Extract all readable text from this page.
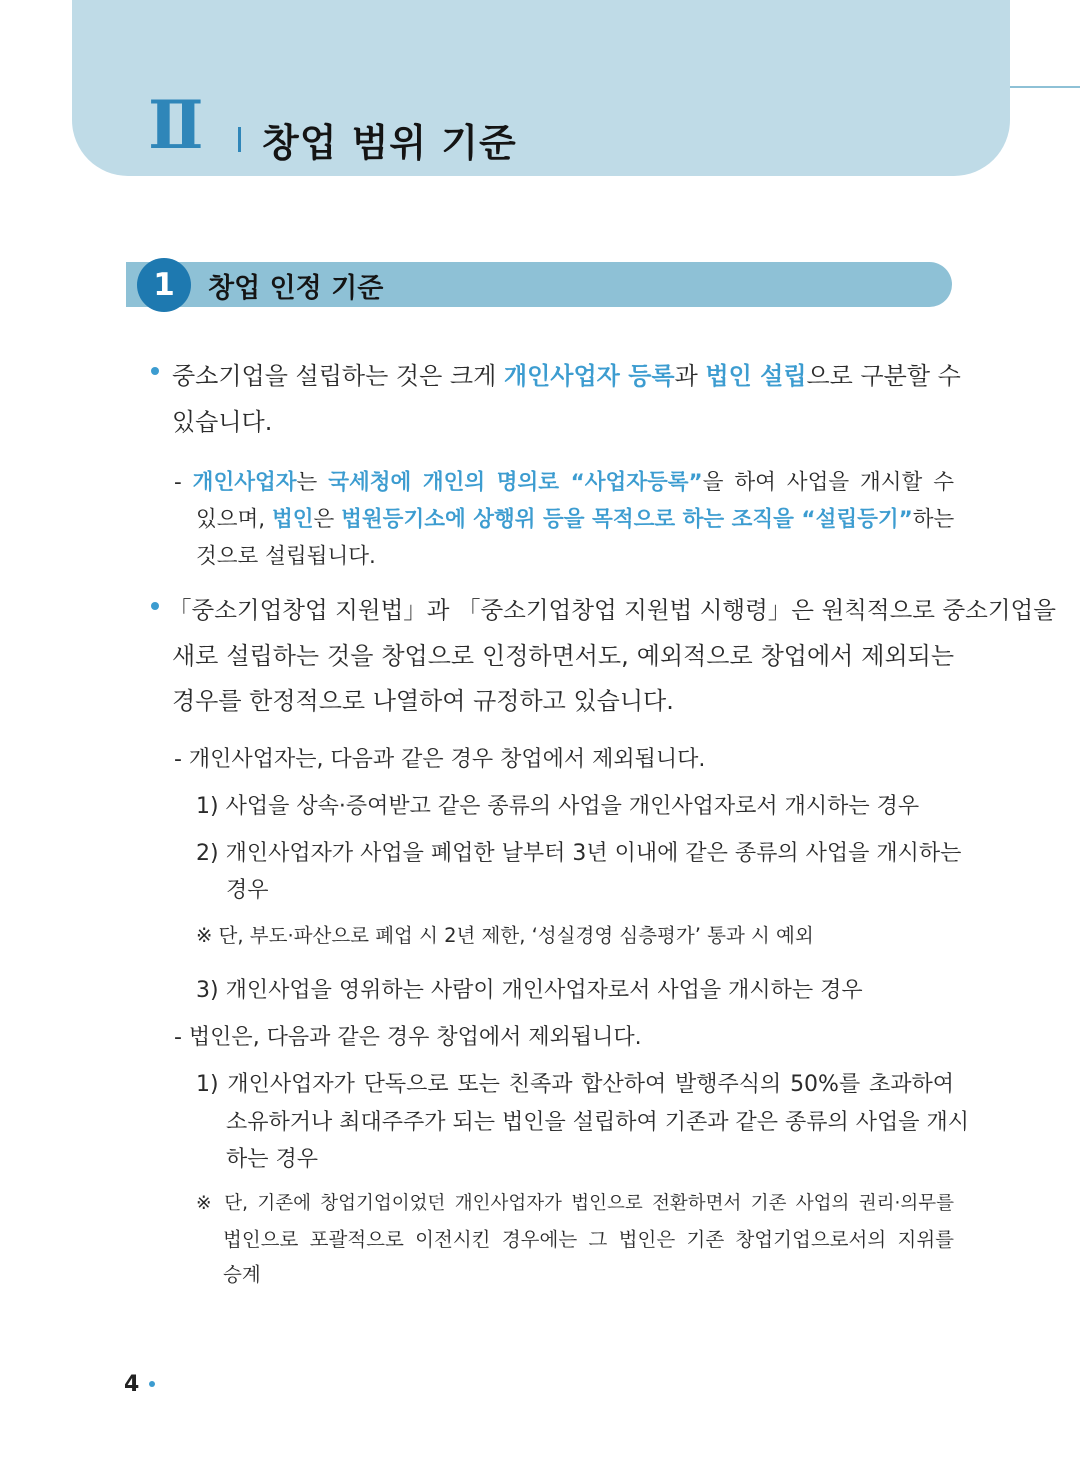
Ⅱ 창업 범위 기준
1	창업 인정 기준
중소기업을 설립하는 것은 크게 개인사업자 등록과 법인 설립으로 구분할 수
있습니다.
- 개인사업자는 국세청에 개인의 명의로 “사업자등록”을 하여 사업을 개시할 수
있으며, 법인은 법원등기소에 상행위 등을 목적으로 하는 조직을 “설립등기”하는
것으로 설립됩니다.
「중소기업창업 지원법」과 「중소기업창업 지원법 시행령」은 원칙적으로 중소기업을
새로 설립하는 것을 창업으로 인정하면서도, 예외적으로 창업에서 제외되는
경우를 한정적으로 나열하여 규정하고 있습니다.
- 개인사업자는, 다음과 같은 경우 창업에서 제외됩니다.
1) 사업을 상속·증여받고 같은 종류의 사업을 개인사업자로서 개시하는 경우
2) 개인사업자가 사업을 폐업한 날부터 3년 이내에 같은 종류의 사업을 개시하는
경우
※ 단, 부도·파산으로 폐업 시 2년 제한, ‘성실경영 심층평가’ 통과 시 예외
3) 개인사업을 영위하는 사람이 개인사업자로서 사업을 개시하는 경우
- 법인은, 다음과 같은 경우 창업에서 제외됩니다.
1) 개인사업자가 단독으로 또는 친족과 합산하여 발행주식의 50%를 초과하여
소유하거나 최대주주가 되는 법인을 설립하여 기존과 같은 종류의 사업을 개시
하는 경우
※ 단, 기존에 창업기업이었던 개인사업자가 법인으로 전환하면서 기존 사업의 권리·의무를
법인으로 포괄적으로 이전시킨 경우에는 그 법인은 기존 창업기업으로서의 지위를
승계
4
